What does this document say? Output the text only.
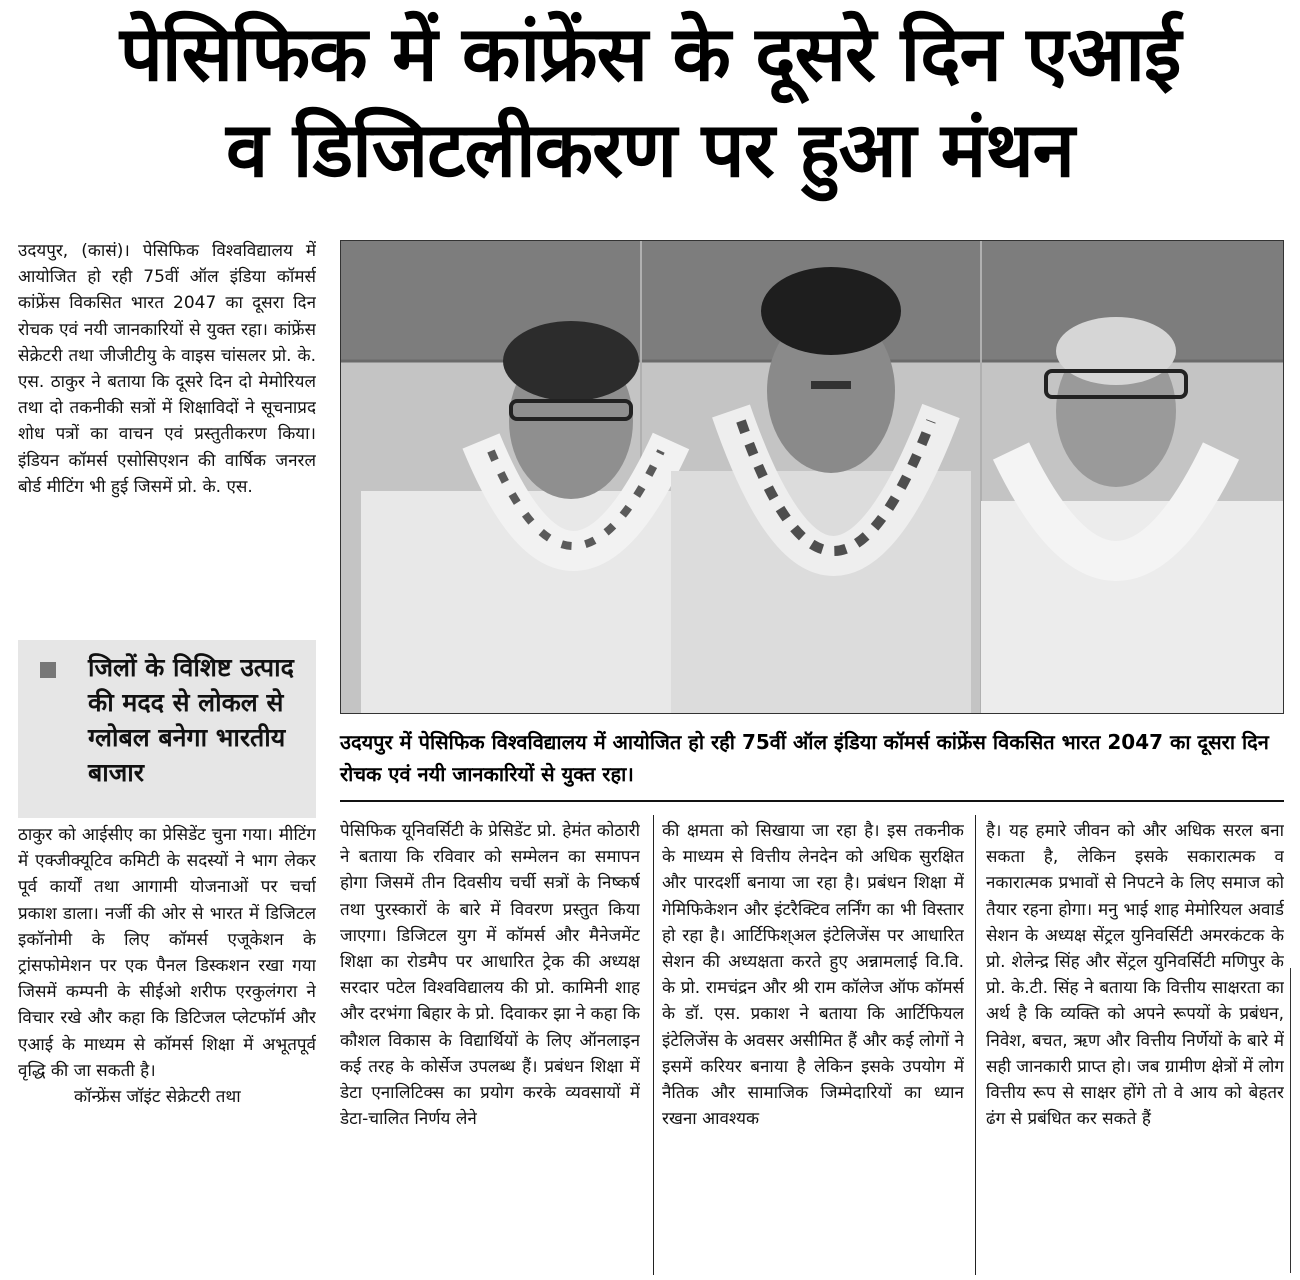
पेसिफिक में कांफ्रेंस के दूसरे दिन एआई
व डिजिटलीकरण पर हुआ मंथन

उदयपुर, (कासं)। पेसिफिक विश्वविद्यालय में आयोजित हो रही 75वीं ऑल इंडिया कॉमर्स कांफ्रेंस विकसित भारत 2047 का दूसरा दिन रोचक एवं नयी जानकारियों से युक्त रहा। कांफ्रेंस सेक्रेटरी तथा जीजीटीयु के वाइस चांसलर प्रो. के. एस. ठाकुर ने बताया कि दूसरे दिन दो मेमोरियल तथा दो तकनीकी सत्रों में शिक्षाविदों ने सूचनाप्रद शोध पत्रों का वाचन एवं प्रस्तुतीकरण किया। इंडियन कॉमर्स एसोसिएशन की वार्षिक जनरल बोर्ड मीटिंग भी हुई जिसमें प्रो. के. एस.

जिलों के विशिष्ट उत्पाद की मदद से लोकल से ग्लोबल बनेगा भारतीय बाजार

ठाकुर को आईसीए का प्रेसिडेंट चुना गया। मीटिंग में एक्जीक्यूटिव कमिटी के सदस्यों ने भाग लेकर पूर्व कार्यों तथा आगामी योजनाओं पर चर्चा प्रकाश डाला। नर्जी की ओर से भारत में डिजिटल इकॉनोमी के लिए कॉमर्स एजूकेशन के ट्रांसफोमेशन पर एक पैनल डिस्कशन रखा गया जिसमें कम्पनी के सीईओ शरीफ एरकुलंगरा ने विचार रखे और कहा कि डिटिजल प्लेटफॉर्म और एआई के माध्यम से कॉमर्स शिक्षा में अभूतपूर्व वृद्धि की जा सकती है।

कॉन्फ्रेंस जॉइंट सेक्रेटरी तथा

उदयपुर में पेसिफिक विश्वविद्यालय में आयोजित हो रही 75वीं ऑल इंडिया कॉमर्स कांफ्रेंस विकसित भारत 2047 का दूसरा दिन रोचक एवं नयी जानकारियों से युक्त रहा।

पेसिफिक यूनिवर्सिटी के प्रेसिडेंट प्रो. हेमंत कोठारी ने बताया कि रविवार को सम्मेलन का समापन होगा जिसमें तीन दिवसीय चर्ची सत्रों के निष्कर्ष तथा पुरस्कारों के बारे में विवरण प्रस्तुत किया जाएगा। डिजिटल युग में कॉमर्स और मैनेजमेंट शिक्षा का रोडमैप पर आधारित ट्रेक की अध्यक्ष सरदार पटेल विश्वविद्यालय की प्रो. कामिनी शाह और दरभंगा बिहार के प्रो. दिवाकर झा ने कहा कि कौशल विकास के विद्यार्थियों के लिए ऑनलाइन कई तरह के कोर्सेज उपलब्ध हैं। प्रबंधन शिक्षा में डेटा एनालिटिक्स का प्रयोग करके व्यवसायों में डेटा-चालित निर्णय लेने

की क्षमता को सिखाया जा रहा है। इस तकनीक के माध्यम से वित्तीय लेनदेन को अधिक सुरक्षित और पारदर्शी बनाया जा रहा है। प्रबंधन शिक्षा में गेमिफिकेशन और इंटरैक्टिव लर्निंग का भी विस्तार हो रहा है। आर्टिफिश्अल इंटेलिजेंस पर आधारित सेशन की अध्यक्षता करते हुए अन्नामलाई वि.वि. के प्रो. रामचंद्रन और श्री राम कॉलेज ऑफ कॉमर्स के डॉ. एस. प्रकाश ने बताया कि आर्टिफियल इंटेलिजेंस के अवसर असीमित हैं और कई लोगों ने इसमें करियर बनाया है लेकिन इसके उपयोग में नैतिक और सामाजिक जिम्मेदारियों का ध्यान रखना आवश्यक

है। यह हमारे जीवन को और अधिक सरल बना सकता है, लेकिन इसके सकारात्मक व नकारात्मक प्रभावों से निपटने के लिए समाज को तैयार रहना होगा। मनु भाई शाह मेमोरियल अवार्ड सेशन के अध्यक्ष सेंट्रल युनिवर्सिटी अमरकंटक के प्रो. शेलेन्द्र सिंह और सेंट्रल युनिवर्सिटी मणिपुर के प्रो. के.टी. सिंह ने बताया कि वित्तीय साक्षरता का अर्थ है कि व्यक्ति को अपने रूपयों के प्रबंधन, निवेश, बचत, ऋण और वित्तीय निर्णेयों के बारे में सही जानकारी प्राप्त हो। जब ग्रामीण क्षेत्रों में लोग वित्तीय रूप से साक्षर होंगे तो वे आय को बेहतर ढंग से प्रबंधित कर सकते हैं
